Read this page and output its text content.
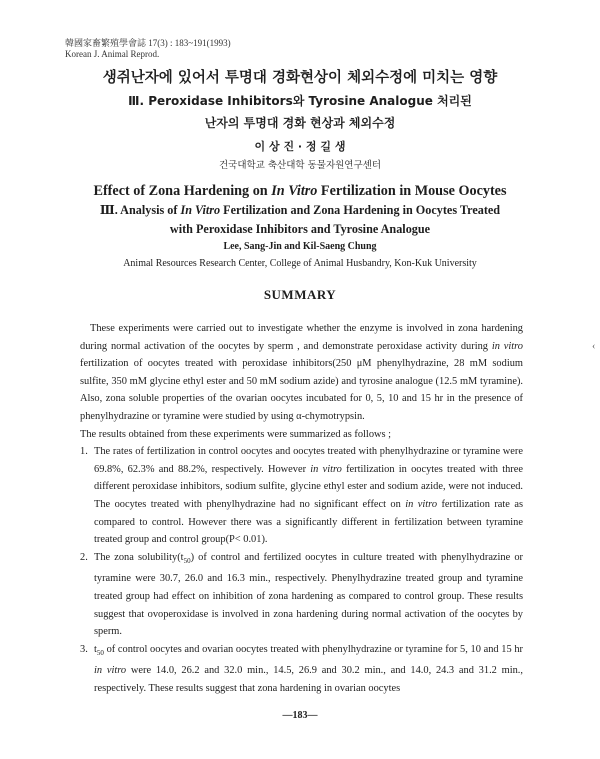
韓國家畜繁殖學會誌 17(3) : 183~191(1993)
Korean J. Animal Reprod.
생쥐난자에 있어서 투명대 경화현상이 체외수정에 미치는 영향
Ⅲ. Peroxidase Inhibitors와 Tyrosine Analogue 처리된
난자의 투명대 경화 현상과 체외수정
이 상 진 · 정 길 생
건국대학교 축산대학 동물자원연구센터
Effect of Zona Hardening on In Vitro Fertilization in Mouse Oocytes
Ⅲ. Analysis of In Vitro Fertilization and Zona Hardening in Oocytes Treated
with Peroxidase Inhibitors and Tyrosine Analogue
Lee, Sang-Jin and Kil-Saeng Chung
Animal Resources Research Center, College of Animal Husbandry, Kon-Kuk University
SUMMARY

These experiments were carried out to investigate whether the enzyme is involved in zona hardening during normal activation of the oocytes by sperm , and demonstrate peroxidase activity during in vitro fertilization of oocytes treated with peroxidase inhibitors(250 μM phenylhydrazine, 28 mM sodium sulfite, 350 mM glycine ethyl ester and 50 mM sodium azide) and tyrosine analogue (12.5 mM tyramine). Also, zona soluble properties of the ovarian oocytes incubated for 0, 5, 10 and 15 hr in the presence of phenylhydrazine or tyramine were studied by using α-chymotrypsin.

The results obtained from these experiments were summarized as follows ;

1. The rates of fertilization in control oocytes and oocytes treated with phenylhydrazine or tyramine were 69.8%, 62.3% and 88.2%, respectively. However in vitro fertilization in oocytes treated with three different peroxidase inhibitors, sodium sulfite, glycine ethyl ester and sodium azide, were not induced. The oocytes treated with phenylhydrazine had no significant effect on in vitro fertilization rate as compared to control. However there was a significantly different in fertilization between tyramine treated group and control group(P< 0.01).
2. The zona $solubility(t_{50})$ of control and fertilized oocytes in culture treated with phenylhydrazine or tyramine were 30.7, 26.0 and 16.3 min., respectively. Phenylhydrazine treated group and tyramine treated group had effect on inhibition of zona hardening as compared to control group. These results suggest that ovoperoxidase is involved in zona hardening during normal activation of the oocytes by sperm.
3. $t_{50}$ of control oocytes and ovarian oocytes treated with phenylhydrazine or tyramine for 5, 10 and 15 hr in vitro were 14.0, 26.2 and 32.0 min., 14.5, 26.9 and 30.2 min., and 14.0, 24.3 and 31.2 min., respectively. These results suggest that zona hardening in ovarian oocytes
‹
—183—
